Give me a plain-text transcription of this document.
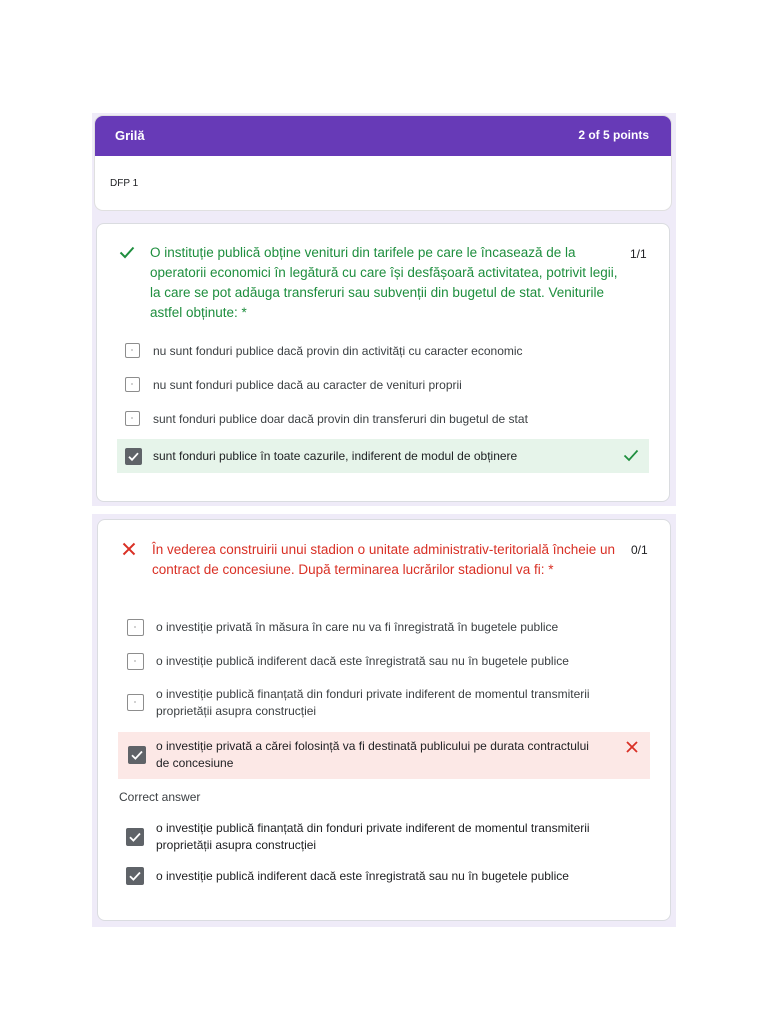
Grilă	2 of 5 points
DFP 1
O instituție publică obține venituri din tarifele pe care le încasează de la operatorii economici în legătură cu care își desfășoară activitatea, potrivit legii, la care se pot adăuga transferuri sau subvenții din bugetul de stat. Veniturile astfel obținute: *
1/1
nu sunt fonduri publice dacă provin din activități cu caracter economic
nu sunt fonduri publice dacă au caracter de venituri proprii
sunt fonduri publice doar dacă provin din transferuri din bugetul de stat
sunt fonduri publice în toate cazurile, indiferent de modul de obținere
În vederea construirii unui stadion o unitate administrativ-teritorială încheie un contract de concesiune. După terminarea lucrărilor stadionul va fi: *
0/1
o investiție privată în măsura în care nu va fi înregistrată în bugetele publice
o investiție publică indiferent dacă este înregistrată sau nu în bugetele publice
o investiție publică finanțată din fonduri private indiferent de momentul transmiterii proprietății asupra construcției
o investiție privată a cărei folosință va fi destinată publicului pe durata contractului de concesiune
Correct answer
o investiție publică finanțată din fonduri private indiferent de momentul transmiterii proprietății asupra construcției
o investiție publică indiferent dacă este înregistrată sau nu în bugetele publice
